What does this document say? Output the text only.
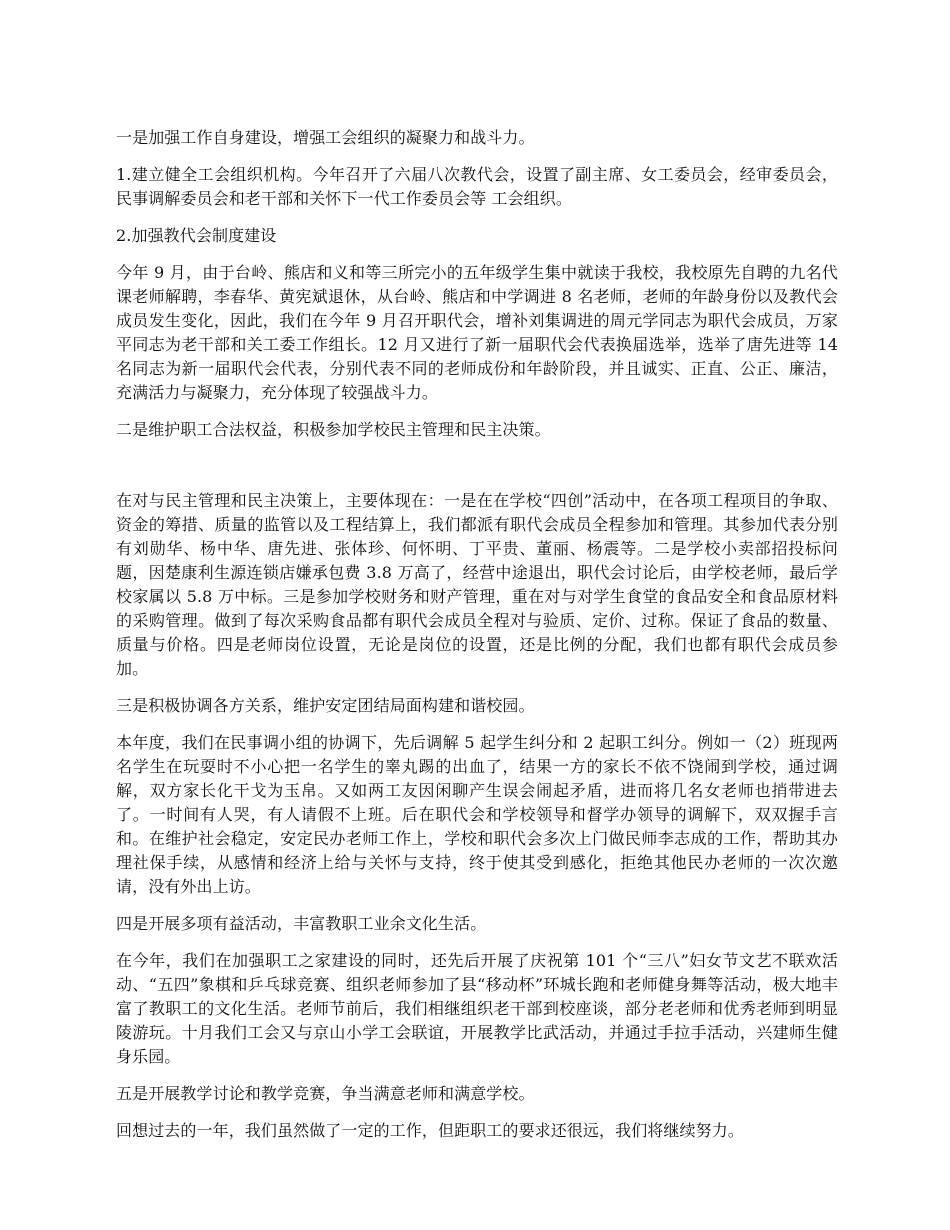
一是加强工作自身建设，增强工会组织的凝聚力和战斗力。

1.建立健全工会组织机构。今年召开了六届八次教代会，设置了副主席、女工委员会，经审委员会，民事调解委员会和老干部和关怀下一代工作委员会等 工会组织。

2.加强教代会制度建设

今年 9 月，由于台岭、熊店和义和等三所完小的五年级学生集中就读于我校，我校原先自聘的九名代课老师解聘，李春华、黄宪斌退休，从台岭、熊店和中学调进 8 名老师，老师的年龄身份以及教代会成员发生变化，因此，我们在今年 9 月召开职代会，增补刘集调进的周元学同志为职代会成员，万家平同志为老干部和关工委工作组长。12 月又进行了新一届职代会代表换届选举，选举了唐先进等 14 名同志为新一届职代会代表，分别代表不同的老师成份和年龄阶段，并且诚实、正直、公正、廉洁，充满活力与凝聚力，充分体现了较强战斗力。

二是维护职工合法权益，积极参加学校民主管理和民主决策。

在对与民主管理和民主决策上，主要体现在：一是在在学校“四创”活动中，在各项工程项目的争取、资金的筹措、质量的监管以及工程结算上，我们都派有职代会成员全程参加和管理。其参加代表分别有刘勋华、杨中华、唐先进、张体珍、何怀明、丁平贵、董丽、杨震等。二是学校小卖部招投标问题，因楚康利生源连锁店嫌承包费 3.8 万高了，经营中途退出，职代会讨论后，由学校老师，最后学校家属以 5.8 万中标。三是参加学校财务和财产管理，重在对与对学生食堂的食品安全和食品原材料的采购管理。做到了每次采购食品都有职代会成员全程对与验质、定价、过称。保证了食品的数量、质量与价格。四是老师岗位设置，无论是岗位的设置，还是比例的分配，我们也都有职代会成员参加。

三是积极协调各方关系，维护安定团结局面构建和谐校园。

本年度，我们在民事调小组的协调下，先后调解 5 起学生纠分和 2 起职工纠分。例如一（2）班现两名学生在玩耍时不小心把一名学生的睾丸踢的出血了，结果一方的家长不依不饶闹到学校，通过调解，双方家长化干戈为玉帛。又如两工友因闲聊产生误会闹起矛盾，进而将几名女老师也捎带进去了。一时间有人哭，有人请假不上班。后在职代会和学校领导和督学办领导的调解下，双双握手言和。在维护社会稳定，安定民办老师工作上，学校和职代会多次上门做民师李志成的工作，帮助其办理社保手续，从感情和经济上给与关怀与支持，终于使其受到感化，拒绝其他民办老师的一次次邀请，没有外出上访。

四是开展多项有益活动，丰富教职工业余文化生活。

在今年，我们在加强职工之家建设的同时，还先后开展了庆祝第 101 个“三八”妇女节文艺不联欢活动、“五四”象棋和乒乓球竞赛、组织老师参加了县“移动杯”环城长跑和老师健身舞等活动，极大地丰富了教职工的文化生活。老师节前后，我们相继组织老干部到校座谈，部分老老师和优秀老师到明显陵游玩。十月我们工会又与京山小学工会联谊，开展教学比武活动，并通过手拉手活动，兴建师生健身乐园。

五是开展教学讨论和教学竞赛，争当满意老师和满意学校。

回想过去的一年，我们虽然做了一定的工作，但距职工的要求还很远，我们将继续努力。
